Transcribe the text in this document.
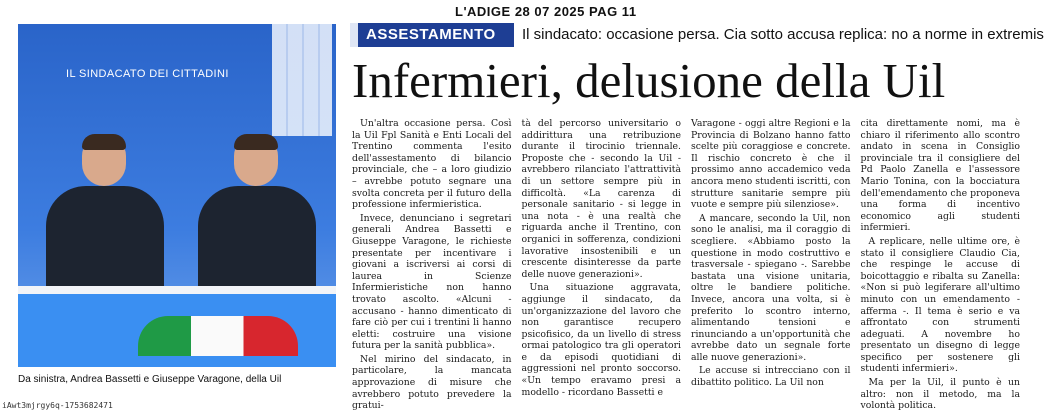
L'ADIGE 28 07 2025 PAG 11
IL SINDACATO DEI CITTADINI
Da sinistra, Andrea Bassetti e Giuseppe Varagone, della Uil
iAwt3mjrgy6q-1753682471
ASSESTAMENTO	Il sindacato: occasione persa. Cia sotto accusa replica: no a norme in extremis
Infermieri, delusione della Uil

Un'altra occasione persa. Così la Uil Fpl Sanità e Enti Locali del Trentino commenta l'esito dell'assestamento di bilancio provinciale, che – a loro giudizio – avrebbe potuto segnare una svolta concreta per il futuro della professione infermieristica.

Invece, denunciano i segretari generali Andrea Bassetti e Giuseppe Varagone, le richieste presentate per incentivare i giovani a iscriversi ai corsi di laurea in Scienze Infermieristiche non hanno trovato ascolto. «Alcuni - accusano - hanno dimenticato di fare ciò per cui i trentini li hanno eletti: costruire una visione futura per la sanità pubblica».

Nel mirino del sindacato, in particolare, la mancata approvazione di misure che avrebbero potuto prevedere la gratui-

tà del percorso universitario o addirittura una retribuzione durante il tirocinio triennale. Proposte che - secondo la Uil - avrebbero rilanciato l'attrattività di un settore sempre più in difficoltà. «La carenza di personale sanitario - si legge in una nota - è una realtà che riguarda anche il Trentino, con organici in sofferenza, condizioni lavorative insostenibili e un crescente disinteresse da parte delle nuove generazioni».

Una situazione aggravata, aggiunge il sindacato, da un'organizzazione del lavoro che non garantisce recupero psicofisico, da un livello di stress ormai patologico tra gli operatori e da episodi quotidiani di aggressioni nel pronto soccorso. «Un tempo eravamo presi a modello - ricordano Bassetti e

Varagone - oggi altre Regioni e la Provincia di Bolzano hanno fatto scelte più coraggiose e concrete. Il rischio concreto è che il prossimo anno accademico veda ancora meno studenti iscritti, con strutture sanitarie sempre più vuote e sempre più silenziose».

A mancare, secondo la Uil, non sono le analisi, ma il coraggio di scegliere. «Abbiamo posto la questione in modo costruttivo e trasversale - spiegano -. Sarebbe bastata una visione unitaria, oltre le bandiere politiche. Invece, ancora una volta, si è preferito lo scontro interno, alimentando tensioni e rinunciando a un'opportunità che avrebbe dato un segnale forte alle nuove generazioni».

Le accuse si intrecciano con il dibattito politico. La Uil non

cita direttamente nomi, ma è chiaro il riferimento allo scontro andato in scena in Consiglio provinciale tra il consigliere del Pd Paolo Zanella e l'assessore Mario Tonina, con la bocciatura dell'emendamento che proponeva una forma di incentivo economico agli studenti infermieri.

A replicare, nelle ultime ore, è stato il consigliere Claudio Cia, che respinge le accuse di boicottaggio e ribalta su Zanella: «Non si può legiferare all'ultimo minuto con un emendamento - afferma -. Il tema è serio e va affrontato con strumenti adeguati. A novembre ho presentato un disegno di legge specifico per sostenere gli studenti infermieri».

Ma per la Uil, il punto è un altro: non il metodo, ma la volontà politica.
